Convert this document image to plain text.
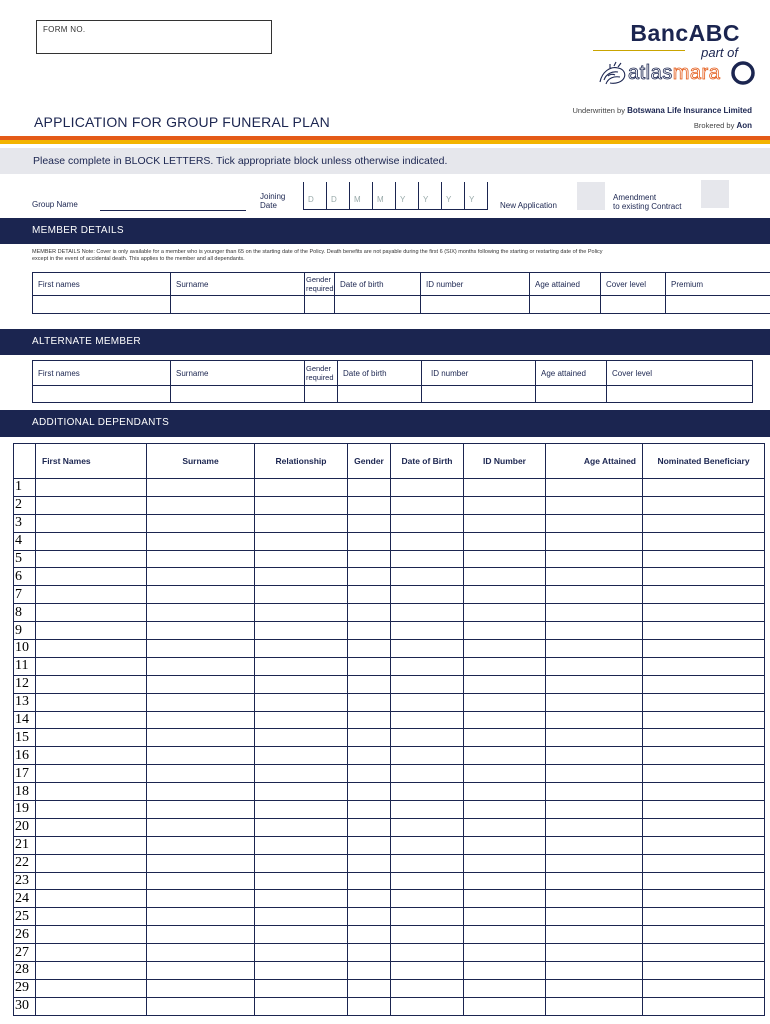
FORM NO.	BancABC
part of
atlasmara
Underwritten by Botswana Life Insurance Limited
Brokered by Aon
APPLICATION FOR GROUP FUNERAL PLAN
Please complete in BLOCK LETTERS. Tick appropriate block unless otherwise indicated.
Group Name
Joining
Date
D	D	M	M	Y	Y	Y	Y
New Application
Amendment
to existing Contract
MEMBER DETAILS
MEMBER DETAILS Note: Cover is only available for a member who is younger than 65 on the starting date of the Policy. Death benefits are not payable during the first 6 (SIX) months following the starting or restarting date of the Policy except in the event of accidental death. This applies to the member and all dependants.
First names	Surname	Gender required	Date of birth	ID number	Age attained	Cover level	Premium

ALTERNATE MEMBER
First names	Surname	Gender required	Date of birth	ID number	Age attained	Cover level

ADDITIONAL DEPENDANTS
	First Names	Surname	Relationship	Gender	Date of Birth	ID Number	Age Attained	Nominated Beneficiary
1								
2								
3								
4								
5								
6								
7								
8								
9								
10								
11								
12								
13								
14								
15								
16								
17								
18								
19								
20								
21								
22								
23								
24								
25								
26								
27								
28								
29								
30								
